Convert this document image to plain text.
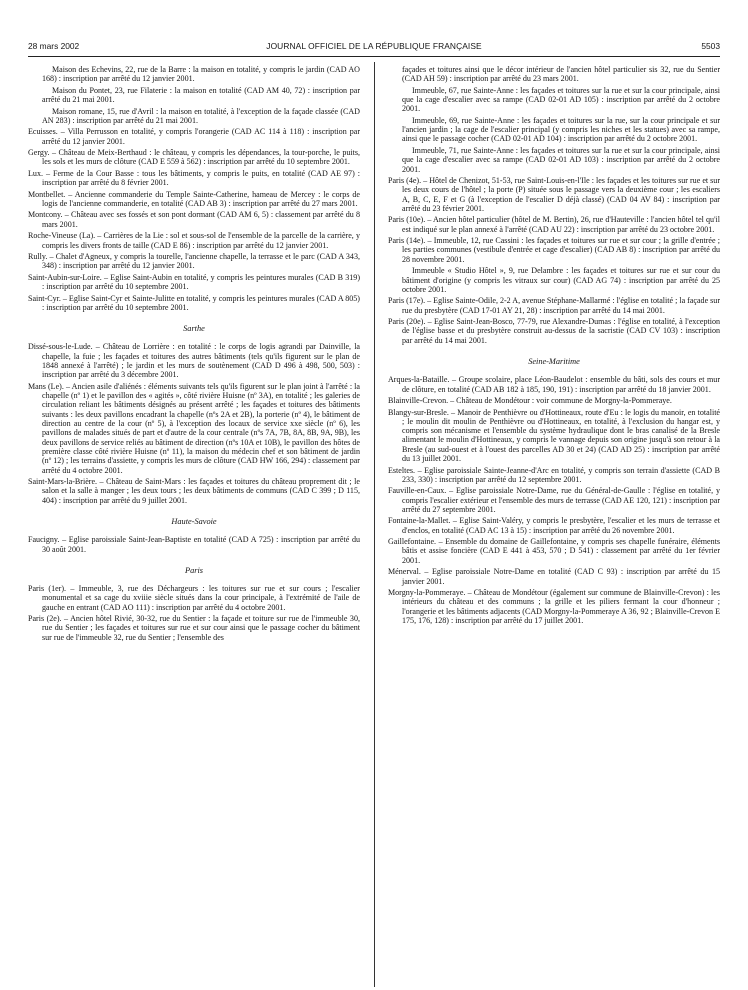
28 mars 2002	JOURNAL OFFICIEL DE LA RÉPUBLIQUE FRANÇAISE	5503

Maison des Echevins, 22, rue de la Barre : la maison en totalité, y compris le jardin (CAD AO 168) : inscription par arrêté du 12 janvier 2001.

Maison du Pontet, 23, rue Filaterie : la maison en totalité (CAD AM 40, 72) : inscription par arrêté du 21 mai 2001.

Maison romane, 15, rue d'Avril : la maison en totalité, à l'exception de la façade classée (CAD AN 283) : inscription par arrêté du 21 mai 2001.

Ecuisses. – Villa Perrusson en totalité, y compris l'orangerie (CAD AC 114 à 118) : inscription par arrêté du 12 janvier 2001.

Gergy. – Château de Meix-Berthaud : le château, y compris les dépendances, la tour-porche, le puits, les sols et les murs de clôture (CAD E 559 à 562) : inscription par arrêté du 10 septembre 2001.

Lux. – Ferme de la Cour Basse : tous les bâtiments, y compris le puits, en totalité (CAD AE 97) : inscription par arrêté du 8 février 2001.

Montbellet. – Ancienne commanderie du Temple Sainte-Catherine, hameau de Mercey : le corps de logis de l'ancienne commanderie, en totalité (CAD AB 3) : inscription par arrêté du 27 mars 2001.

Montcony. – Château avec ses fossés et son pont dormant (CAD AM 6, 5) : classement par arrêté du 8 mars 2001.

Roche-Vineuse (La). – Carrières de la Lie : sol et sous-sol de l'ensemble de la parcelle de la carrière, y compris les divers fronts de taille (CAD E 86) : inscription par arrêté du 12 janvier 2001.

Rully. – Chalet d'Agneux, y compris la tourelle, l'ancienne chapelle, la terrasse et le parc (CAD A 343, 348) : inscription par arrêté du 12 janvier 2001.

Saint-Aubin-sur-Loire. – Eglise Saint-Aubin en totalité, y compris les peintures murales (CAD B 319) : inscription par arrêté du 10 septembre 2001.

Saint-Cyr. – Eglise Saint-Cyr et Sainte-Julitte en totalité, y compris les peintures murales (CAD A 805) : inscription par arrêté du 10 septembre 2001.

Sarthe

Dissé-sous-le-Lude. – Château de Lorrière : en totalité : le corps de logis agrandi par Dainville, la chapelle, la fuie ; les façades et toitures des autres bâtiments (tels qu'ils figurent sur le plan de 1848 annexé à l'arrêté) ; le jardin et les murs de soutènement (CAD D 496 à 498, 500, 503) : inscription par arrêté du 3 décembre 2001.

Mans (Le). – Ancien asile d'aliénés : éléments suivants tels qu'ils figurent sur le plan joint à l'arrêté : la chapelle (nº 1) et le pavillon des « agités », côté rivière Huisne (nº 3A), en totalité ; les galeries de circulation reliant les bâtiments désignés au présent arrêté ; les façades et toitures des bâtiments suivants : les deux pavillons encadrant la chapelle (nºs 2A et 2B), la porterie (nº 4), le bâtiment de direction au centre de la cour (nº 5), à l'exception des locaux de service xxe siècle (nº 6), les pavillons de malades situés de part et d'autre de la cour centrale (nºs 7A, 7B, 8A, 8B, 9A, 9B), les deux pavillons de service reliés au bâtiment de direction (nºs 10A et 10B), le pavillon des hôtes de première classe côté rivière Huisne (nº 11), la maison du médecin chef et son bâtiment de jardin (nº 12) ; les terrains d'assiette, y compris les murs de clôture (CAD HW 166, 294) : classement par arrêté du 4 octobre 2001.

Saint-Mars-la-Brière. – Château de Saint-Mars : les façades et toitures du château proprement dit ; le salon et la salle à manger ; les deux tours ; les deux bâtiments de communs (CAD C 399 ; D 115, 404) : inscription par arrêté du 9 juillet 2001.

Haute-Savoie

Faucigny. – Eglise paroissiale Saint-Jean-Baptiste en totalité (CAD A 725) : inscription par arrêté du 30 août 2001.

Paris

Paris (1er). – Immeuble, 3, rue des Déchargeurs : les toitures sur rue et sur cours ; l'escalier monumental et sa cage du xviiie siècle situés dans la cour principale, à l'extrémité de l'aile de gauche en entrant (CAD AO 111) : inscription par arrêté du 4 octobre 2001.

Paris (2e). – Ancien hôtel Rivié, 30-32, rue du Sentier : la façade et toiture sur rue de l'immeuble 30, rue du Sentier ; les façades et toitures sur rue et sur cour ainsi que le passage cocher du bâtiment sur rue de l'immeuble 32, rue du Sentier ; l'ensemble des

façades et toitures ainsi que le décor intérieur de l'ancien hôtel particulier sis 32, rue du Sentier (CAD AH 59) : inscription par arrêté du 23 mars 2001.

Immeuble, 67, rue Sainte-Anne : les façades et toitures sur la rue et sur la cour principale, ainsi que la cage d'escalier avec sa rampe (CAD 02-01 AD 105) : inscription par arrêté du 2 octobre 2001.

Immeuble, 69, rue Sainte-Anne : les façades et toitures sur la rue, sur la cour principale et sur l'ancien jardin ; la cage de l'escalier principal (y compris les niches et les statues) avec sa rampe, ainsi que le passage cocher (CAD 02-01 AD 104) : inscription par arrêté du 2 octobre 2001.

Immeuble, 71, rue Sainte-Anne : les façades et toitures sur la rue et sur la cour principale, ainsi que la cage d'escalier avec sa rampe (CAD 02-01 AD 103) : inscription par arrêté du 2 octobre 2001.

Paris (4e). – Hôtel de Chenizot, 51-53, rue Saint-Louis-en-l'Ile : les façades et les toitures sur rue et sur les deux cours de l'hôtel ; la porte (P) située sous le passage vers la deuxième cour ; les escaliers A, B, C, E, F et G (à l'exception de l'escalier D déjà classé) (CAD 04 AV 84) : inscription par arrêté du 23 février 2001.

Paris (10e). – Ancien hôtel particulier (hôtel de M. Bertin), 26, rue d'Hauteville : l'ancien hôtel tel qu'il est indiqué sur le plan annexé à l'arrêté (CAD AU 22) : inscription par arrêté du 23 octobre 2001.

Paris (14e). – Immeuble, 12, rue Cassini : les façades et toitures sur rue et sur cour ; la grille d'entrée ; les parties communes (vestibule d'entrée et cage d'escalier) (CAD AB 8) : inscription par arrêté du 28 novembre 2001.

Immeuble « Studio Hôtel », 9, rue Delambre : les façades et toitures sur rue et sur cour du bâtiment d'origine (y compris les vitraux sur cour) (CAD AG 74) : inscription par arrêté du 25 octobre 2001.

Paris (17e). – Eglise Sainte-Odile, 2-2 A, avenue Stéphane-Mallarmé : l'église en totalité ; la façade sur rue du presbytère (CAD 17-01 AY 21, 28) : inscription par arrêté du 14 mai 2001.

Paris (20e). – Eglise Saint-Jean-Bosco, 77-79, rue Alexandre-Dumas : l'église en totalité, à l'exception de l'église basse et du presbytère construit au-dessus de la sacristie (CAD CV 103) : inscription par arrêté du 14 mai 2001.

Seine-Maritime

Arques-la-Bataille. – Groupe scolaire, place Léon-Baudelot : ensemble du bâti, sols des cours et mur de clôture, en totalité (CAD AB 182 à 185, 190, 191) : inscription par arrêté du 18 janvier 2001.

Blainville-Crevon. – Château de Mondétour : voir commune de Morgny-la-Pommeraye.

Blangy-sur-Bresle. – Manoir de Penthièvre ou d'Hottineaux, route d'Eu : le logis du manoir, en totalité ; le moulin dit moulin de Penthièvre ou d'Hottineaux, en totalité, à l'exclusion du hangar est, y compris son mécanisme et l'ensemble du système hydraulique dont le bras canalisé de la Bresle alimentant le moulin d'Hottineaux, y compris le vannage depuis son origine jusqu'à son retour à la Bresle (au sud-ouest et à l'ouest des parcelles AD 30 et 24) (CAD AD 25) : inscription par arrêté du 13 juillet 2001.

Esteltes. – Eglise paroissiale Sainte-Jeanne-d'Arc en totalité, y compris son terrain d'assiette (CAD B 233, 330) : inscription par arrêté du 12 septembre 2001.

Fauville-en-Caux. – Eglise paroissiale Notre-Dame, rue du Général-de-Gaulle : l'église en totalité, y compris l'escalier extérieur et l'ensemble des murs de terrasse (CAD AE 120, 121) : inscription par arrêté du 27 septembre 2001.

Fontaine-la-Mallet. – Eglise Saint-Valéry, y compris le presbytère, l'escalier et les murs de terrasse et d'enclos, en totalité (CAD AC 13 à 15) : inscription par arrêté du 26 novembre 2001.

Gaillefontaine. – Ensemble du domaine de Gaillefontaine, y compris ses chapelle funéraire, éléments bâtis et assise foncière (CAD E 441 à 453, 570 ; D 541) : classement par arrêté du 1er février 2001.

Ménerval. – Eglise paroissiale Notre-Dame en totalité (CAD C 93) : inscription par arrêté du 15 janvier 2001.

Morgny-la-Pommeraye. – Château de Mondétour (également sur commune de Blainville-Crevon) : les intérieurs du château et des communs ; la grille et les piliers fermant la cour d'honneur ; l'orangerie et les bâtiments adjacents (CAD Morgny-la-Pommeraye A 36, 92 ; Blainville-Crevon E 175, 176, 128) : inscription par arrêté du 17 juillet 2001.
